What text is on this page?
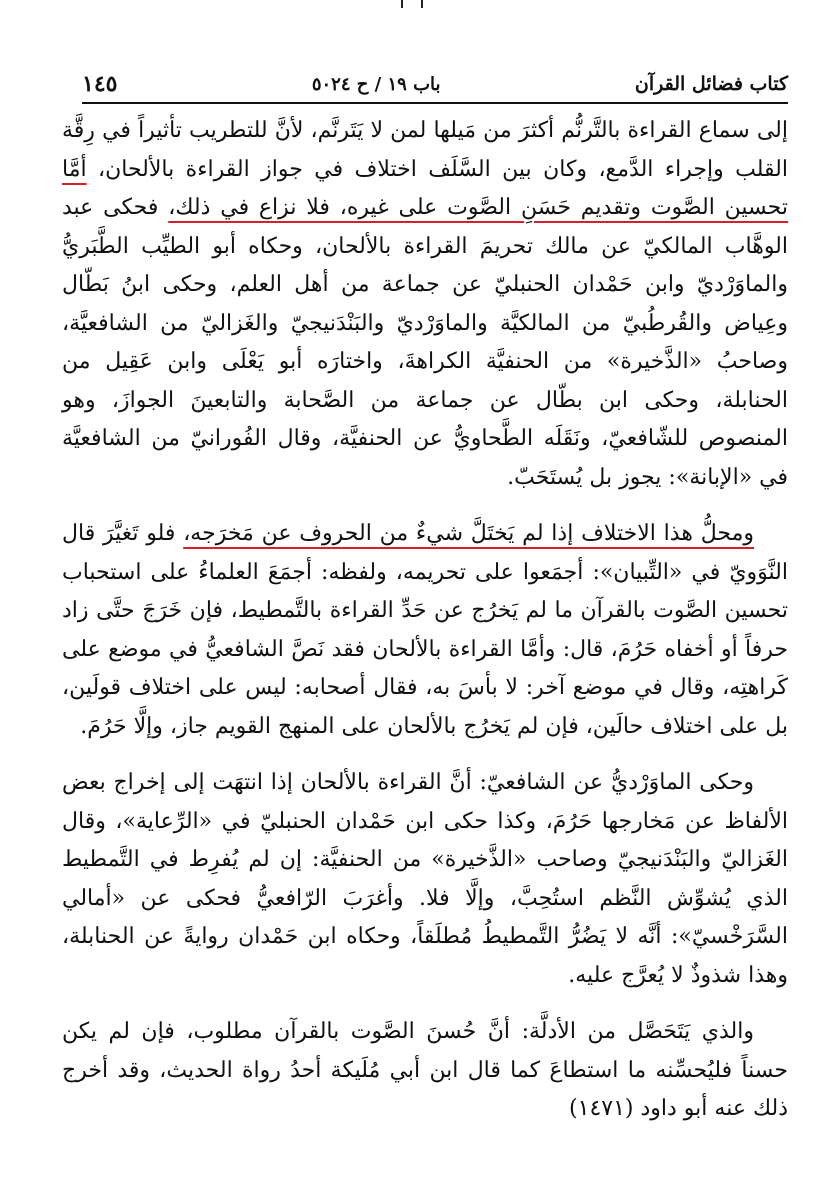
كتاب فضائل القرآن
باب ١٩ / ح ٥٠٢٤
١٤٥

إلى سماع القراءة بالتَّرنُّم أكثرَ من مَيلها لمن لا يَتَرنَّم، لأنَّ للتطريب تأثيراً في رِقَّة القلب وإجراء الدَّمع، وكان بين السَّلَف اختلاف في جواز القراءة بالألحان، أمَّا تحسين الصَّوت وتقديم حَسَنِ الصَّوت على غيره، فلا نزاع في ذلك، فحكى عبد الوهَّاب المالكيّ عن مالك تحريمَ القراءة بالألحان، وحكاه أبو الطيِّب الطَّبَريُّ والماوَرْديّ وابن حَمْدان الحنبليّ عن جماعة من أهل العلم، وحكى ابنُ بَطّال وعِياض والقُرطُبيّ من المالكيَّة والماوَرْديّ والبَنْدَنيجيّ والغَزاليّ من الشافعيَّة، وصاحبُ «الذَّخيرة» من الحنفيَّة الكراهةَ، واختارَه أبو يَعْلَى وابن عَقِيل من الحنابلة، وحكى ابن بطّال عن جماعة من الصَّحابة والتابعينَ الجوازَ، وهو المنصوص للشّافعيّ، ونَقَلَه الطَّحاويُّ عن الحنفيَّة، وقال الفُورانيّ من الشافعيَّة في «الإبانة»: يجوز بل يُستَحَبّ.

ومحلُّ هذا الاختلاف إذا لم يَختَلَّ شيءٌ من الحروف عن مَخرَجه، فلو تَغيَّرَ قال النَّوَويّ في «التِّبيان»: أجمَعوا على تحريمه، ولفظه: أجمَعَ العلماءُ على استحباب تحسين الصَّوت بالقرآن ما لم يَخرُج عن حَدِّ القراءة بالتَّمطيط، فإن خَرَجَ حتَّى زاد حرفاً أو أخفاه حَرُمَ، قال: وأمَّا القراءة بالألحان فقد نَصَّ الشافعيُّ في موضع على كَراهتِه، وقال في موضع آخر: لا بأسَ به، فقال أصحابه: ليس على اختلاف قولَين، بل على اختلاف حالَين، فإن لم يَخرُج بالألحان على المنهج القويم جاز، وإلَّا حَرُمَ.

وحكى الماوَرْديُّ عن الشافعيّ: أنَّ القراءة بالألحان إذا انتهَت إلى إخراج بعض الألفاظ عن مَخارجها حَرُمَ، وكذا حكى ابن حَمْدان الحنبليّ في «الرِّعاية»، وقال الغَزاليّ والبَنْدَنيجيّ وصاحب «الذَّخيرة» من الحنفيَّة: إن لم يُفرِط في التَّمطيط الذي يُشوِّش النَّظم استُحِبَّ، وإلَّا فلا. وأغرَبَ الرّافعيُّ فحكى عن «أمالي السَّرَخْسيّ»: أنَّه لا يَضُرُّ التَّمطيطُ مُطلَقاً، وحكاه ابن حَمْدان روايةً عن الحنابلة، وهذا شذوذٌ لا يُعرَّج عليه.

والذي يَتَحَصَّل من الأدلَّة: أنَّ حُسنَ الصَّوت بالقرآن مطلوب، فإن لم يكن حسناً فليُحسِّنه ما استطاعَ كما قال ابن أبي مُلَيكة أحدُ رواة الحديث، وقد أخرج ذلك عنه أبو داود (١٤٧١)
